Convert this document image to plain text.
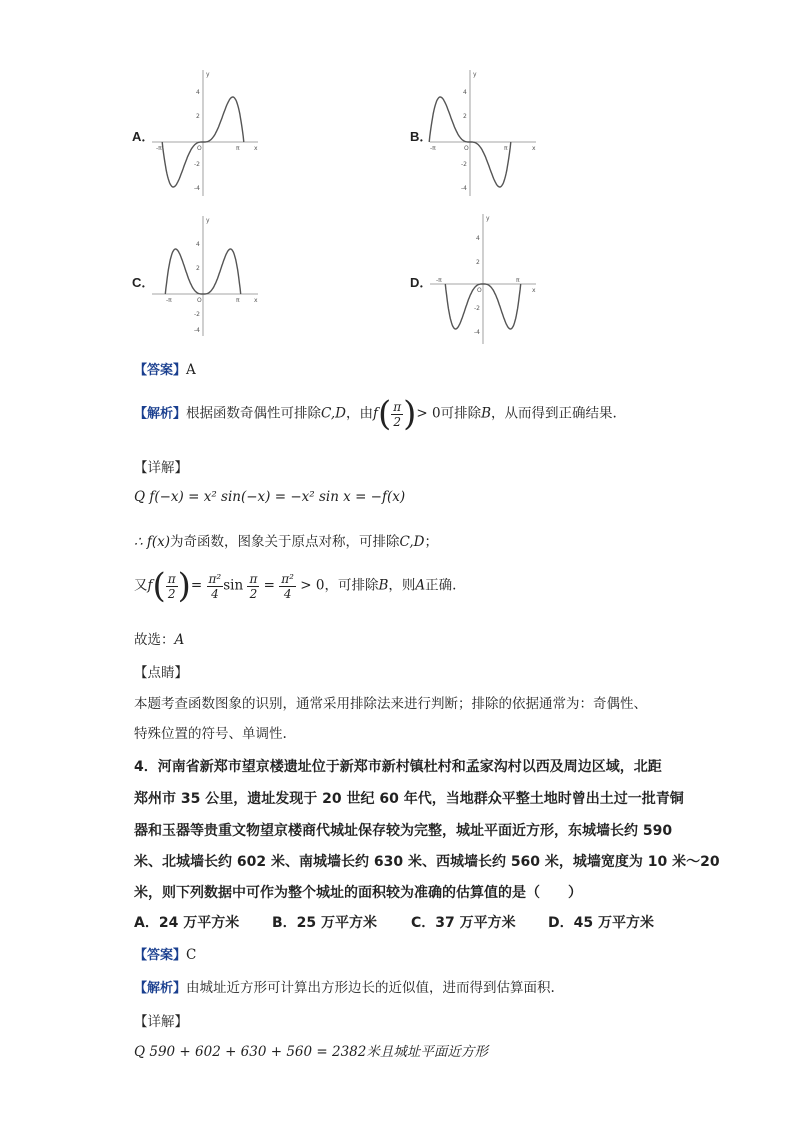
A．
y
x
O
-π	π
4
2
-2
-4
B．
y
x
O
-π	π
4
2
-2
-4
C．
y
x
O
-π	π
4
2
-2
-4
D．
y
x
O
-π	π
4
2
-2
-4
【答案】A
【解析】根据函数奇偶性可排除C,D，由$f( \frac{\pi}{2}$ )> 0可排除B，从而得到正确结果.
【详解】
Q f(−x) = x² sin(−x) = −x² sin x = −f(x)
∴ f(x)为奇函数，图象关于原点对称，可排除C,D；
又$f( \frac{\pi}{2}$ )= $\frac{\text{π²}}{4}$ $\sin \frac{\pi}{2} = \frac{\text{π²}}{4} > 0$，可排除B，则A正确.
故选：A
【点睛】
本题考查函数图象的识别，通常采用排除法来进行判断；排除的依据通常为：奇偶性、
特殊位置的符号、单调性.
4．河南省新郑市望京楼遗址位于新郑市新村镇杜村和孟家沟村以西及周边区域，北距
郑州市 35 公里，遗址发现于 20 世纪 60 年代，当地群众平整土地时曾出土过一批青铜
器和玉器等贵重文物望京楼商代城址保存较为完整，城址平面近方形，东城墙长约 590
米、北城墙长约 602 米、南城墙长约 630 米、西城墙长约 560 米，城墙宽度为 10 米～20
米，则下列数据中可作为整个城址的面积较为准确的估算值的是（　　）
A．24 万平方米 B．25 万平方米 C．37 万平方米 D．45 万平方米
【答案】C
【解析】由城址近方形可计算出方形边长的近似值，进而得到估算面积.
【详解】
Q 590 + 602 + 630 + 560 = 2382米且城址平面近方形
